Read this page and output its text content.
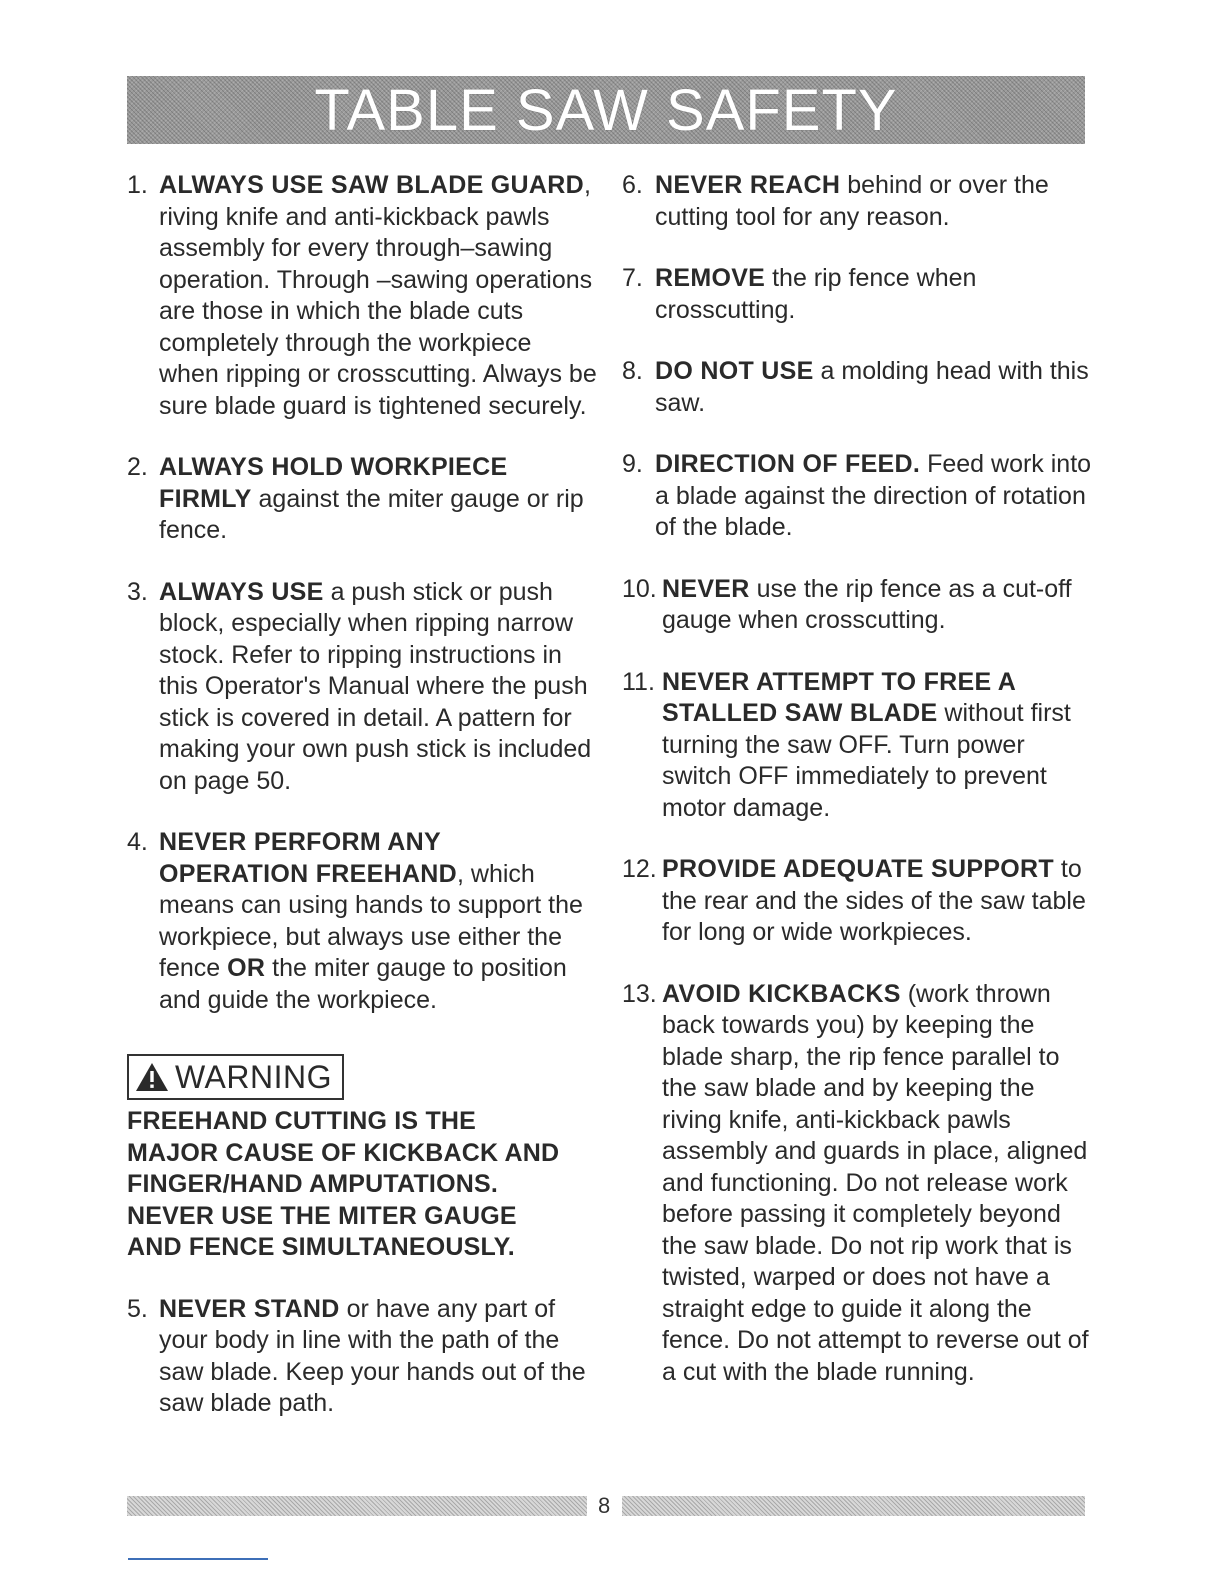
TABLE SAW SAFETY
1. ALWAYS USE SAW BLADE GUARD, riving knife and anti-kickback pawls assembly for every through–sawing operation. Through –sawing operations are those in which the blade cuts completely through the workpiece when ripping or crosscutting. Always be sure blade guard is tightened securely.
2. ALWAYS HOLD WORKPIECE FIRMLY against the miter gauge or rip fence.
3. ALWAYS USE a push stick or push block, especially when ripping narrow stock. Refer to ripping instructions in this Operator's Manual where the push stick is covered in detail. A pattern for making your own push stick is included on page 50.
4. NEVER PERFORM ANY OPERATION FREEHAND, which means can using hands to support the workpiece, but always use either the fence OR the miter gauge to position and guide the workpiece.
WARNING
FREEHAND CUTTING IS THE
MAJOR CAUSE OF KICKBACK AND
FINGER/HAND AMPUTATIONS.
NEVER USE THE MITER GAUGE
AND FENCE SIMULTANEOUSLY.
5. NEVER STAND or have any part of your body in line with the path of the saw blade. Keep your hands out of the saw blade path.
6. NEVER REACH behind or over the cutting tool for any reason.
7. REMOVE the rip fence when crosscutting.
8. DO NOT USE a molding head with this saw.
9. DIRECTION OF FEED. Feed work into a blade against the direction of rotation of the blade.
10. NEVER use the rip fence as a cut-off gauge when crosscutting.
11. NEVER ATTEMPT TO FREE A STALLED SAW BLADE without first turning the saw OFF. Turn power switch OFF immediately to prevent motor damage.
12. PROVIDE ADEQUATE SUPPORT to the rear and the sides of the saw table for long or wide workpieces.
13. AVOID KICKBACKS (work thrown back towards you) by keeping the blade sharp, the rip fence parallel to the saw blade and by keeping the riving knife, anti-kickback pawls assembly and guards in place, aligned and functioning. Do not release work before passing it completely beyond the saw blade. Do not rip work that is twisted, warped or does not have a straight edge to guide it along the fence. Do not attempt to reverse out of a cut with the blade running.
8
